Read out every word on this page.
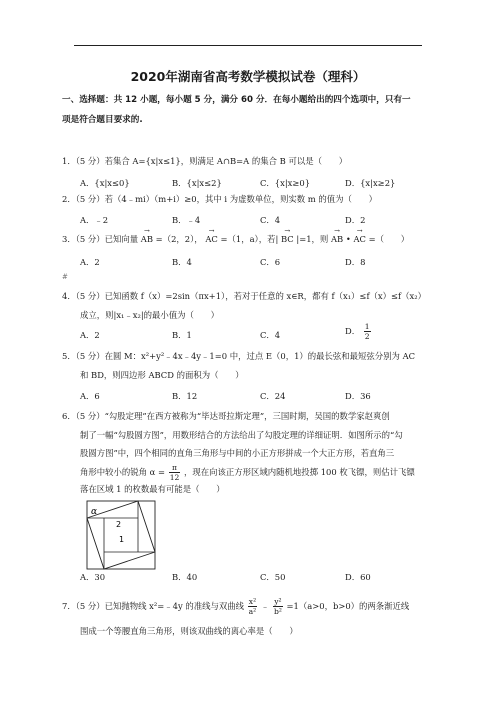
2020年湖南省高考数学模拟试卷（理科）
一、选择题：共 12 小题，每小题 5 分，满分 60 分．在每小题给出的四个选项中，只有一
项是符合题目要求的.
1．（5 分）若集合 A={x|x≤1}，则满足 A∩B=A 的集合 B 可以是（　　）
A．{x|x≤0}	B．{x|x≤2}	C．{x|x≥0}	D．{x|x≥2}
2．（5 分）若（4﹣mi）（m+i）≥0，其中 i 为虚数单位，则实数 m 的值为（　　）
A．﹣2	B．﹣4	C．4	D．2
3．（5 分）已知向量 → AB =（2，2）， → AC =（1，a），若| → BC |=1，则 → AB • → AC =（　　）
A．2	B．4	C．6	D．8
#
4．（5 分）已知函数 f（x）=2sin（πx+1），若对于任意的 x∈R，都有 f（x₁）≤f（x）≤f（x₂）
成立，则|x₁﹣x₂|的最小值为（　　）
A．2	B．1	C．4	D． $\frac{1}{2}$
5．（5 分）在圆 M：x²+y²﹣4x﹣4y﹣1=0 中，过点 E（0，1）的最长弦和最短弦分别为 AC
和 BD，则四边形 ABCD 的面积为（　　）
A．6	B．12	C．24	D．36
6．（5 分）“勾股定理”在西方被称为“毕达哥拉斯定理”，三国时期，吴国的数学家赵爽创
制了一幅“勾股圆方图”，用数形结合的方法给出了勾股定理的详细证明．如图所示的“勾
股圆方图”中，四个相同的直角三角形与中间的小正方形拼成一个大正方形，若直角三
角形中较小的锐角 $\alpha = \frac{\pi}{12}$ ，现在向该正方形区域内随机地投掷 100 枚飞镖，则估计飞镖
落在区域 1 的枚数最有可能是（　　）
α
2
1
A．30	B．40	C．50	D．60
7．（5 分）已知抛物线 x²=﹣4y 的准线与双曲线 $\frac{\text{x²}}{\text{a²}}$ ﹣ $\frac{\text{y²}}{\text{b²}} =1(a>0$，b>0）的两条渐近线
围成一个等腰直角三角形，则该双曲线的离心率是（　　）
